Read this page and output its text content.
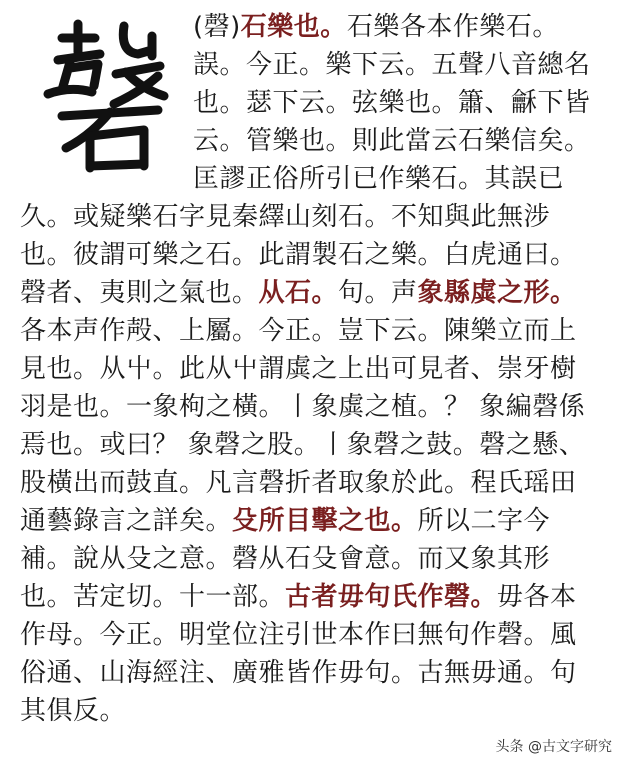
(磬)石樂也。石樂各本作樂石。
誤。今正。樂下云。五聲八音總名
也。瑟下云。弦樂也。簫、龢下皆
云。管樂也。則此當云石樂信矣。
匡謬正俗所引已作樂石。其誤已
久。或疑樂石字見秦繹山刻石。不知與此無涉
也。彼謂可樂之石。此謂製石之樂。白虎通曰。
磬者、夷則之氣也。从石。句。声象縣虡之形。
各本声作殸、上屬。今正。豈下云。陳樂立而上
見也。从屮。此从屮謂虡之上出可見者、崇牙樹
羽是也。一象枸之橫。丨象虡之植。？ 象編磬係
焉也。或曰？ 象磬之股。丨象磬之鼓。磬之懸、
股橫出而鼓直。凡言磬折者取象於此。程氏瑶田
通藝錄言之詳矣。殳所目擊之也。所以二字今
補。說从殳之意。磬从石殳會意。而又象其形
也。苦定切。十一部。古者毋句氏作磬。毋各本
作母。今正。明堂位注引世本作曰無句作磬。風
俗通、山海經注、廣雅皆作毋句。古無毋通。句
其俱反。
头条 @古文字研究
